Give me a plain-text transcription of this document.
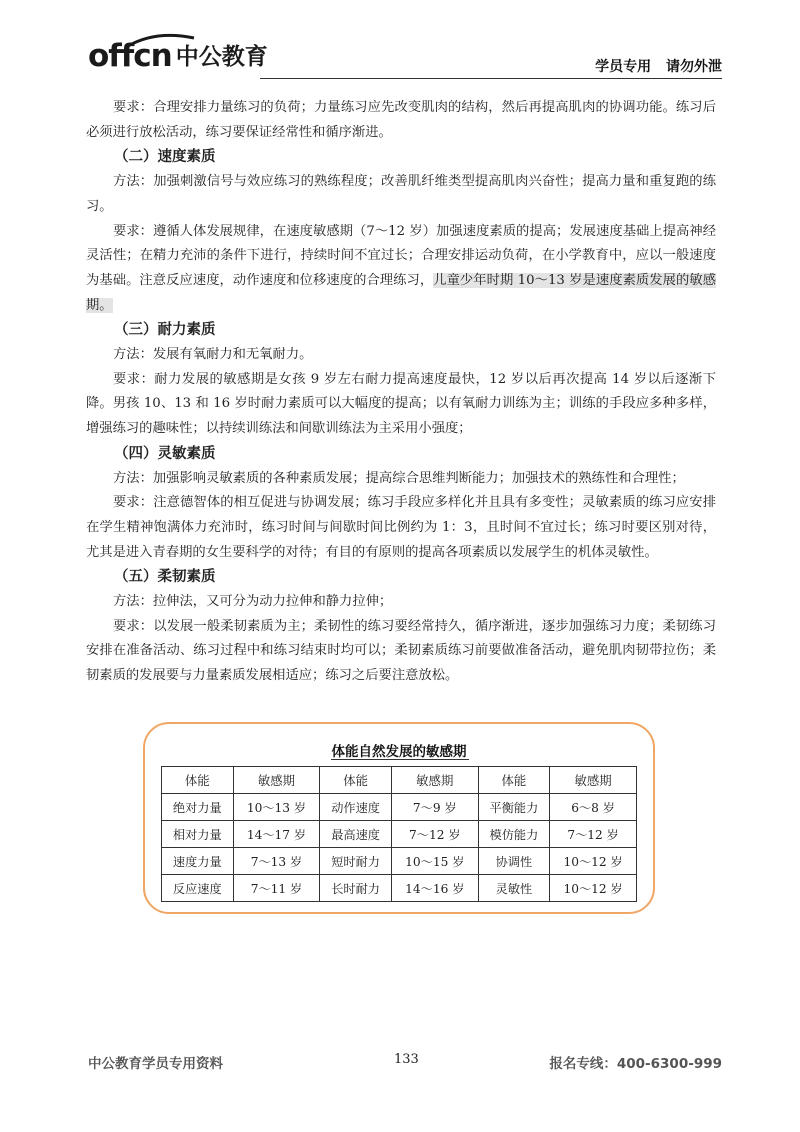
offcn 中公教育	学员专用 请勿外泄

要求：合理安排力量练习的负荷；力量练习应先改变肌肉的结构，然后再提高肌肉的协调功能。练习后必须进行放松活动，练习要保证经常性和循序渐进。

（二）速度素质

方法：加强刺激信号与效应练习的熟练程度；改善肌纤维类型提高肌肉兴奋性；提高力量和重复跑的练习。

要求：遵循人体发展规律，在速度敏感期（7～12 岁）加强速度素质的提高；发展速度基础上提高神经灵活性；在精力充沛的条件下进行，持续时间不宜过长；合理安排运动负荷，在小学教育中，应以一般速度为基础。注意反应速度，动作速度和位移速度的合理练习，儿童少年时期 10～13 岁是速度素质发展的敏感期。

（三）耐力素质

方法：发展有氧耐力和无氧耐力。

要求：耐力发展的敏感期是女孩 9 岁左右耐力提高速度最快，12 岁以后再次提高 14 岁以后逐渐下降。男孩 10、13 和 16 岁时耐力素质可以大幅度的提高；以有氧耐力训练为主；训练的手段应多种多样，增强练习的趣味性；以持续训练法和间歇训练法为主采用小强度；

（四）灵敏素质

方法：加强影响灵敏素质的各种素质发展；提高综合思维判断能力；加强技术的熟练性和合理性；

要求：注意德智体的相互促进与协调发展；练习手段应多样化并且具有多变性；灵敏素质的练习应安排在学生精神饱满体力充沛时，练习时间与间歇时间比例约为 1：3，且时间不宜过长；练习时要区别对待，尤其是进入青春期的女生要科学的对待；有目的有原则的提高各项素质以发展学生的机体灵敏性。

（五）柔韧素质

方法：拉伸法，又可分为动力拉伸和静力拉伸；

要求：以发展一般柔韧素质为主；柔韧性的练习要经常持久，循序渐进，逐步加强练习力度；柔韧练习安排在准备活动、练习过程中和练习结束时均可以；柔韧素质练习前要做准备活动，避免肌肉韧带拉伤；柔韧素质的发展要与力量素质发展相适应；练习之后要注意放松。

体能自然发展的敏感期
体能	敏感期	体能	敏感期	体能	敏感期
绝对力量	10～13 岁	动作速度	7～9 岁	平衡能力	6～8 岁
相对力量	14～17 岁	最高速度	7～12 岁	模仿能力	7～12 岁
速度力量	7～13 岁	短时耐力	10～15 岁	协调性	10～12 岁
反应速度	7～11 岁	长时耐力	14～16 岁	灵敏性	10～12 岁
中公教育学员专用资料	133	报名专线：400-6300-999
